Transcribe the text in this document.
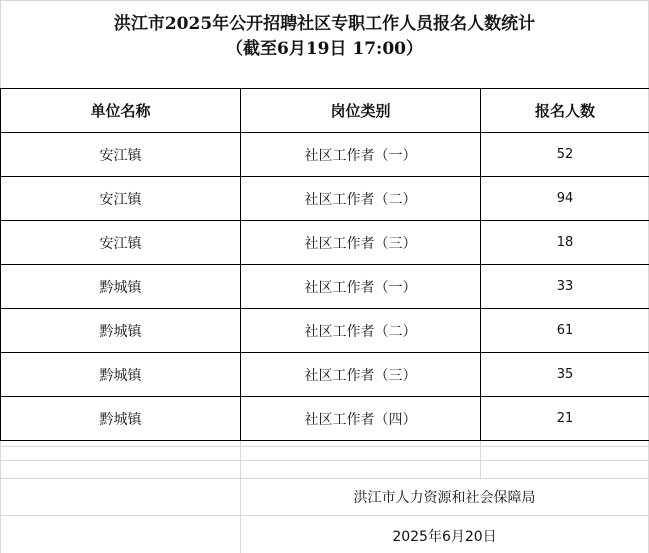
洪江市2025年公开招聘社区专职工作人员报名人数统计
（截至6月19日 17:00）
单位名称	岗位类别	报名人数
安江镇	社区工作者（一）	52
安江镇	社区工作者（二）	94
安江镇	社区工作者（三）	18
黔城镇	社区工作者（一）	33
黔城镇	社区工作者（二）	61
黔城镇	社区工作者（三）	35
黔城镇	社区工作者（四）	21
洪江市人力资源和社会保障局
2025年6月20日
